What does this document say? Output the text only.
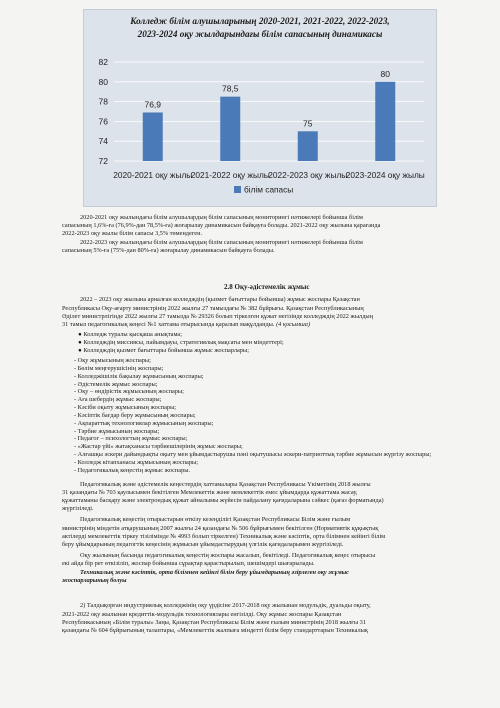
Колледж білім алушыларының 2020-2021, 2021-2022, 2022-2023,
2023-2024 оқу жылдарындағы білім сапасының динамикасы
72
74
76
78
80
82
76,9
2020-2021 оқу жылы
78,5
2021-2022 оқу жылы
75
2022-2023 оқу жылы
80
2023-2024 оқу жылы
білім сапасы
2020-2021 оқу жылындағы білім алушылардың білім сапасының мониторингі нәтижелері бойынша білім
сапасының 1,6%-ға (76,9%-дан 78,5%-ға) жоғарылау динамикасын байқауға болады. 2021-2022 оқу жылына қарағанда
2022-2023 оқу жылы білім сапасы 3,5% төмендеген.
2022-2023 оқу жылындағы білім алушылардың білім сапасының мониторингі нәтижелері бойынша білім
сапасының 5%-ға (75%-дан 80%-ға) жоғарылау динамикасын байқауға болады.
2.8 Оқу-әдістемелік жұмыс
2022 – 2023 оқу жылына арналған колледждің (қызмет бағыттары бойынша) жұмыс жоспары Қазақстан
Республикасы Оқу-ағарту министрінің 2022 жылғы 27 тамыздағы № 382 бұйрығы. Қазақстан Республикасының
Әділет министрлігінде 2022 жылғы 27 тамызда № 29326 болып тіркелген құжат негізінде колледждің 2022 жылдың
31 тамыз педагогикалық кеңесі №1 хаттама отырысында қаралып мақұлданды. (4 қосымша)
● Колледж туралы қысқаша анықтама;
● Колледждің миссиясы, пайымдауы, стратегиялық мақсаты мен міндеттері;
● Колледждің қызмет бағыттары бойынша жұмыс жоспарлары;
- Оқу жұмысының жоспары;
- Бөлім меңгерушісінің жоспары;
- Колледжішілік бақылау жұмысының жоспары;
- Әдістемелік жұмыс жоспары;
- Оқу – өндірістік жұмысының жоспары;
- Аға шебердің жұмыс жоспары;
- Кәсіби оқыту жұмысының жоспары;
- Кәсіптік бағдар беру жұмысының жоспары;
- Ақпараттық технологиялар жұмысының жоспары;
- Тәрбие жұмысының жоспары;
- Педагог – психологтың жұмыс жоспары;
- «Жастар үйі» жатақханасы тәрбиешілерінің жұмыс жоспары;
- Алғашқы әскери дайындықты оқыту мен ұйымдастырушы пәні оқытушысы әскери-патриоттық тәрбие жұмысын жүргізу жоспары;
- Колледж кітапханасы жұмысының жоспары;
- Педагогикалық кеңестің жұмыс жоспары.
Педагогикалық және әдістемелік кеңестердің хаттамалары Қазақстан Республикасы Үкіметінің 2018 жылғы
31 қазандағы № 703 қаулысымен бекітілген Мемлекеттік және мемлекеттік емес ұйымдарда құжаттама жасау,
құжаттаманы басқару және электрондық құжат айналымы жүйесін пайдалану қағидаларына сәйкес (қағаз форматында)
жүргізіледі.
Педагогикалық кеңестің отырыстарын өткізу кезеңділігі Қазақстан Республикасы Білім және ғылым
министрінің міндетін атқарушының 2007 жылғы 24 қазандағы № 506 бұйрығымен бекітілген (Нормативтік құқықтық
актілерді мемлекеттік тіркеу тізілімінде № 4993 болып тіркелген) Техникалық және кәсіптік, орта білімнен кейінгі білім
беру ұйымдарының педагогтік кеңесінің жұмысын ұйымдастырудың үлгілік қағидаларымен жүргізіледі.
Оқу жылының басында педагогикалық кеңестің жоспары жасалып, бекітіледі. Педагогикалық кеңес отырысы
екі айда бір рет өткізіліп, жоспар бойынша сұрақтар қарастырылып, шешімдері шығарылады.
Техникалық және кәсіптік, орта білімнен кейінгі білім беру ұйымдарының әзірлеген оқу жұмыс
жоспарларының болуы
2) Талдықорған индустриялық колледжінің оқу үрдісіне 2017-2018 оқу жылынан модульдік, дуальды оқыту,
2021-2022 оқу жылынан кредиттік-модульдік технологиялары енгізілді. Оқу жұмыс жоспары Қазақстан
Республикасының «Білім туралы» Заңы, Қазақстан Республикасы Білім және ғылым министрінің 2018 жылғы 31
қазандағы № 604 бұйрығының талаптары, «Мемлекеттік жалпыға міндетті білім беру стандарттарын Техникалық
